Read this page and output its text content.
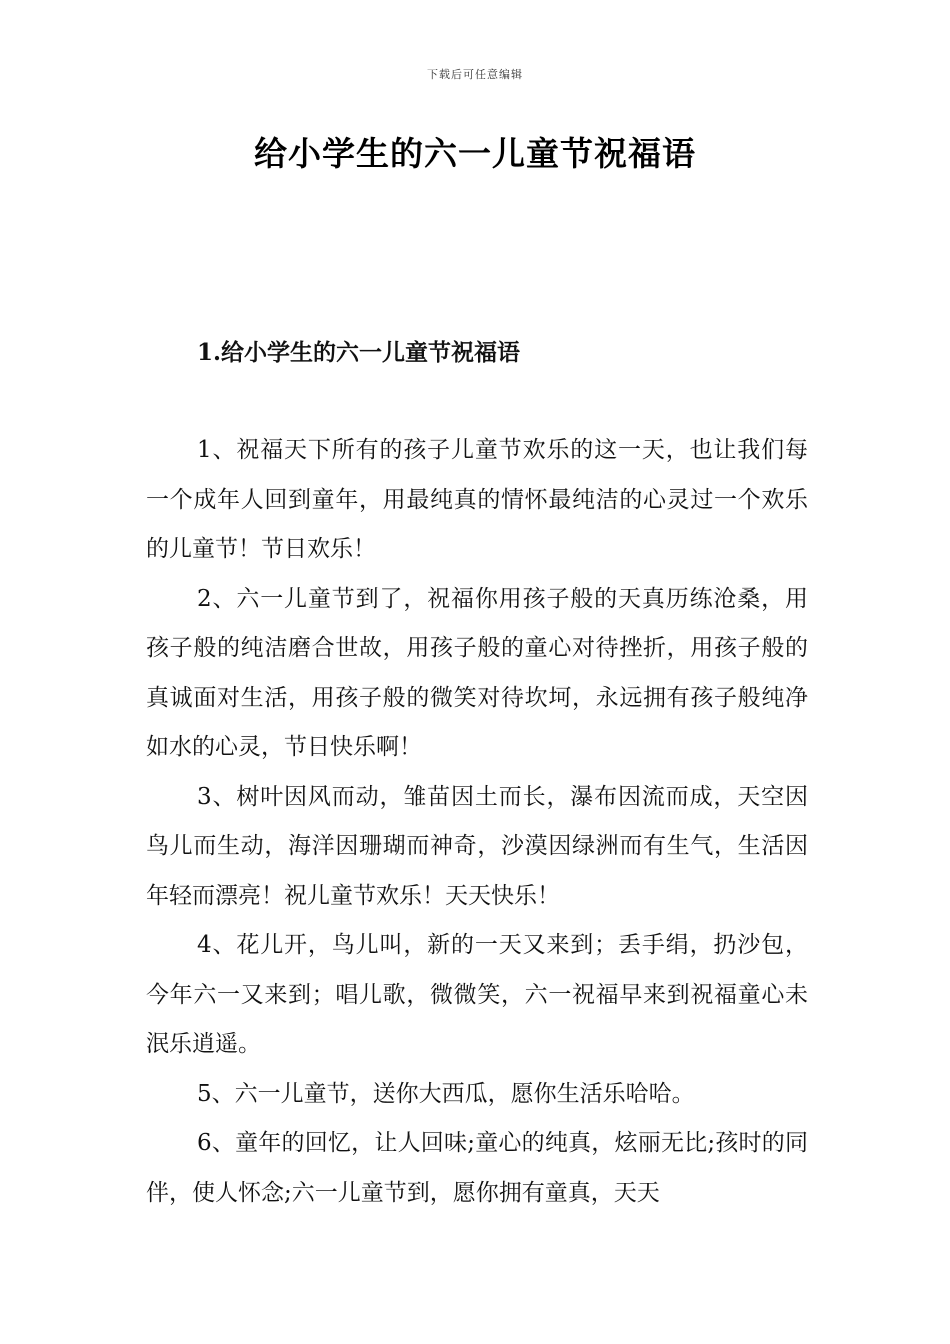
下载后可任意编辑
给小学生的六一儿童节祝福语
1.给小学生的六一儿童节祝福语

1、祝福天下所有的孩子儿童节欢乐的这一天，也让我们每一个成年人回到童年，用最纯真的情怀最纯洁的心灵过一个欢乐的儿童节！节日欢乐！

2、六一儿童节到了，祝福你用孩子般的天真历练沧桑，用孩子般的纯洁磨合世故，用孩子般的童心对待挫折，用孩子般的真诚面对生活，用孩子般的微笑对待坎坷，永远拥有孩子般纯净如水的心灵，节日快乐啊！

3、树叶因风而动，雏苗因土而长，瀑布因流而成，天空因鸟儿而生动，海洋因珊瑚而神奇，沙漠因绿洲而有生气，生活因年轻而漂亮！祝儿童节欢乐！天天快乐！

4、花儿开，鸟儿叫，新的一天又来到；丢手绢，扔沙包，今年六一又来到；唱儿歌，微微笑，六一祝福早来到祝福童心未泯乐逍遥。

5、六一儿童节，送你大西瓜，愿你生活乐哈哈。

6、童年的回忆，让人回味;童心的纯真，炫丽无比;孩时的同伴，使人怀念;六一儿童节到，愿你拥有童真，天天
